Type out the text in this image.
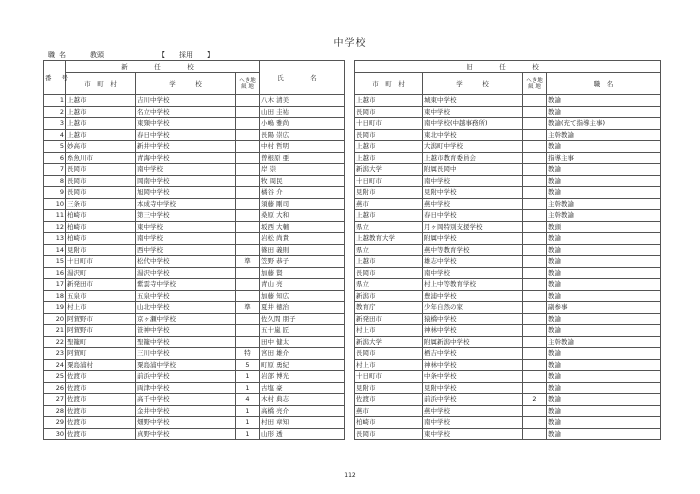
中学校
職名	教頭	【　　採用　　】
番号	新　任　校			氏　名		旧　任　校			
	市　町　村	学　　　校	へき地
級 地			市　町　村	学　　　校	へき地
級 地	職　名
1	上越市	吉川中学校		八木 清美		上越市	城東中学校		教諭
2	上越市	名立中学校		山田 圭祐		長岡市	東中学校		教諭
3	上越市	東頸中学校		小嶋 雅尚		十日町市	南中学校(中越事務所)		教諭(充て指導主事)
4	上越市	春日中学校		長陽 崇広		長岡市	東北中学校		主幹教諭
5	妙高市	新井中学校		中村 哲明		上越市	大潟町中学校		教諭
6	糸魚川市	青海中学校		曽根原 亜		上越市	上越市教育委員会		指導主事
7	長岡市	南中学校		岸 崇		新潟大学	附属長岡中		教諭
8	長岡市	岡南中学校		牧 周民		十日町市	南中学校		教諭
9	長岡市	旭岡中学校		橘谷 介		見附市	見附中学校		教諭
10	三条市	本成寺中学校		須藤 剛司		燕市	燕中学校		主幹教諭
11	柏崎市	第三中学校		桑原 大和		上越市	春日中学校		主幹教諭
12	柏崎市	東中学校		坂西 大輔		県立	月ヶ岡特別支援学校		教頭
13	柏崎市	南中学校		岩松 尚貴		上越教育大学	附属中学校		教諭
14	見附市	西中学校		篠田 義則		県立	燕中等教育学校		教諭
15	十日町市	松代中学校	準	笠野 恭子		上越市	雄志中学校		教諭
16	湯沢町	湯沢中学校		加藤 賢		長岡市	南中学校		教諭
17	新発田市	紫雲寺中学校		青山 亮		県立	村上中等教育学校		教諭
18	五泉市	五泉中学校		加藤 知広		新潟市	豊浦中学校		教諭
19	村上市	山北中学校	準	夏井 徳治		教育庁	少年自然の家		副参事
20	阿賀野市	京ヶ瀬中学校		佐久間 朋子		新発田市	猿橋中学校		教諭
21	阿賀野市	笹神中学校		五十嵐 匠		村上市	神林中学校		教諭
22	聖籠町	聖籠中学校		田中 健太		新潟大学	附属新潟中学校		主幹教諭
23	阿賀町	三川中学校	特	宮田 雄介		長岡市	栖吉中学校		教諭
24	粟島浦村	粟島浦中学校	5	町原 勇紀		村上市	神林中学校		教諭
25	佐渡市	前浜中学校	1	岩部 博光		十日町市	中条中学校		教諭
26	佐渡市	両津中学校	1	古塩 豪		見附市	見附中学校		教諭
27	佐渡市	高千中学校	4	木村 典志		佐渡市	前浜中学校	2	教諭
28	佐渡市	金井中学校	1	高橋 亮介		燕市	燕中学校		教諭
29	佐渡市	畑野中学校	1	村田 章知		柏崎市	南中学校		教諭
30	佐渡市	真野中学校	1	山形 透		長岡市	東中学校		教諭
112
